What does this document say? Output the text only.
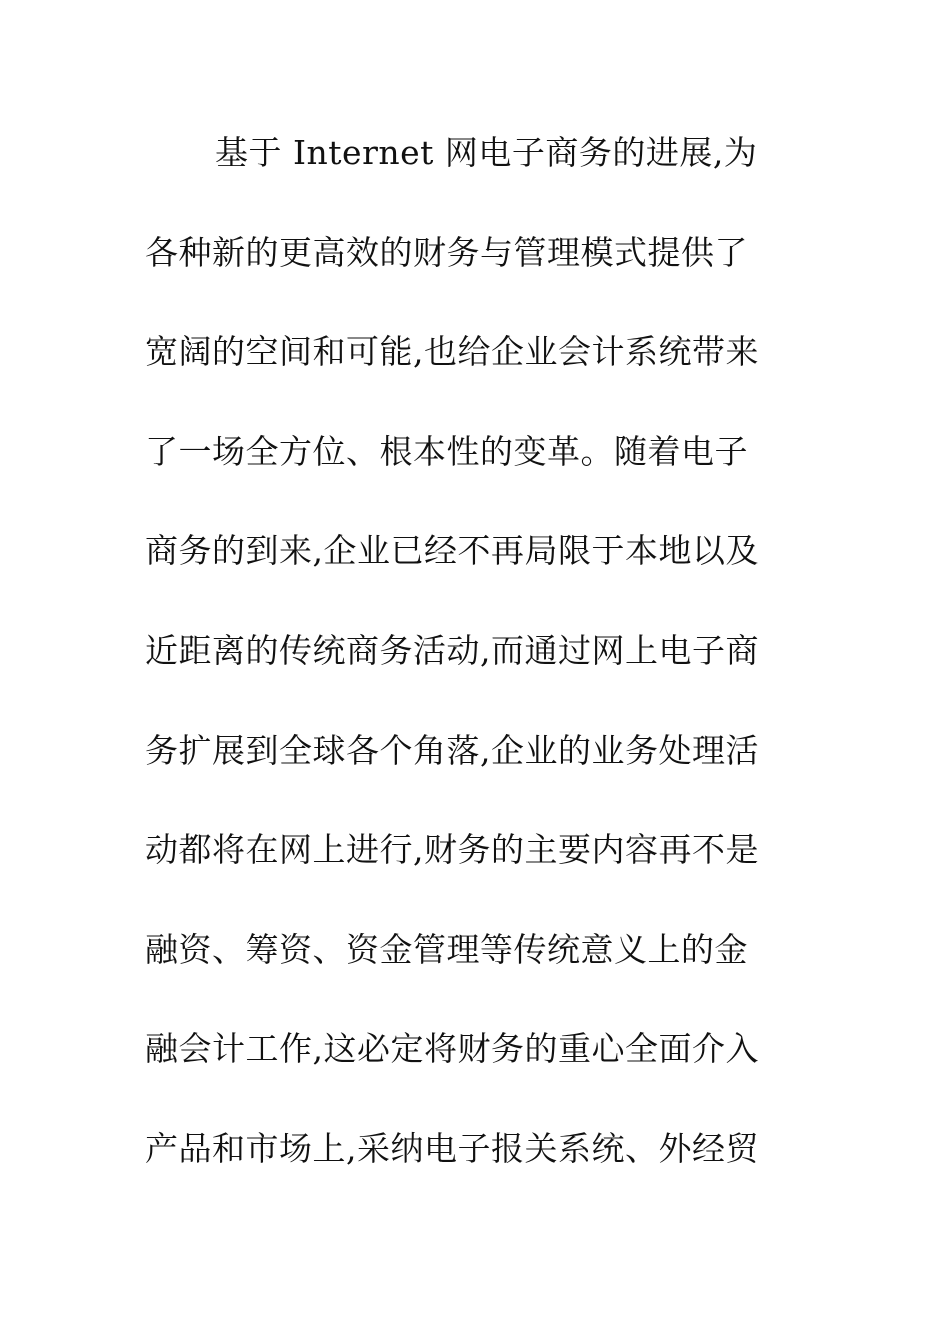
基于 Internet 网电子商务的进展,为
各种新的更高效的财务与管理模式提供了
宽阔的空间和可能,也给企业会计系统带来
了一场全方位、根本性的变革。随着电子
商务的到来,企业已经不再局限于本地以及
近距离的传统商务活动,而通过网上电子商
务扩展到全球各个角落,企业的业务处理活
动都将在网上进行,财务的主要内容再不是
融资、筹资、资金管理等传统意义上的金
融会计工作,这必定将财务的重心全面介入
产品和市场上,采纳电子报关系统、外经贸
